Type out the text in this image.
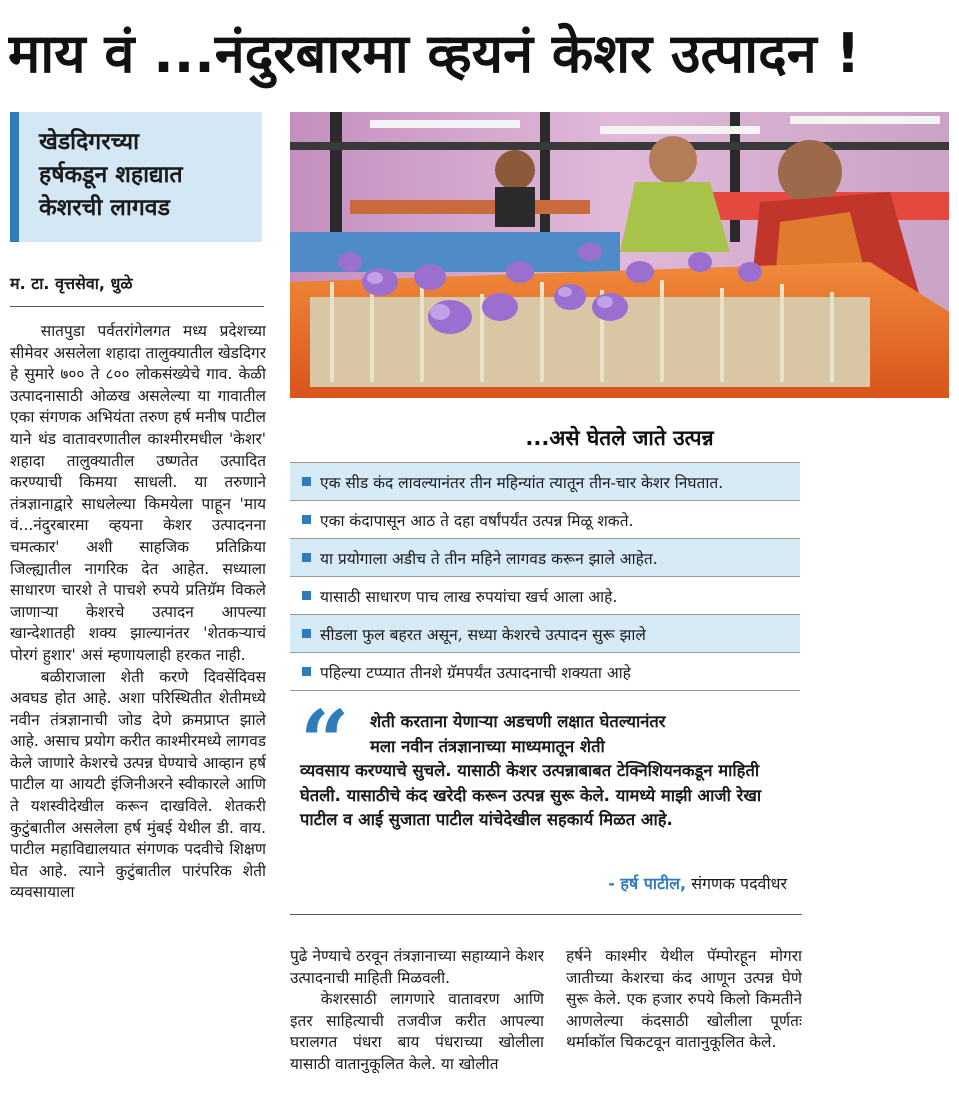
माय वं ...नंदुरबारमा व्हयनं केशर उत्पादन !

खेडदिगरच्या

हर्षकडून शहाद्यात

केशरची लागवड

म. टा. वृत्तसेवा, धुळे

सातपुडा पर्वतरांगेलगत मध्य प्रदेशच्या सीमेवर असलेला शहादा तालुक्यातील खेडदिगर हे सुमारे ७०० ते ८०० लोकसंख्येचे गाव. केळी उत्पादनासाठी ओळख असलेल्या या गावातील एका संगणक अभियंता तरुण हर्ष मनीष पाटील याने थंड वातावरणातील काश्मीरमधील 'केशर' शहादा तालुक्यातील उष्णतेत उत्पादित करण्याची किमया साधली. या तरुणाने तंत्रज्ञानाद्वारे साधलेल्या किमयेला पाहून 'माय वं...नंदुरबारमा व्हयना केशर उत्पादनना चमत्कार' अशी साहजिक प्रतिक्रिया जिल्ह्यातील नागरिक देत आहेत. सध्याला साधारण चारशे ते पाचशे रुपये प्रतिग्रॅम विकले जाणाऱ्या केशरचे उत्पादन आपल्या खान्देशातही शक्य झाल्यानंतर 'शेतकऱ्याचं पोरगं हुशार' असं म्हणायलाही हरकत नाही.

बळीराजाला शेती करणे दिवसेंदिवस अवघड होत आहे. अशा परिस्थितीत शेतीमध्ये नवीन तंत्रज्ञानाची जोड देणे क्रमप्राप्त झाले आहे. असाच प्रयोग करीत काश्मीरमध्ये लागवड केले जाणारे केशरचे उत्पन्न घेण्याचे आव्हान हर्ष पाटील या आयटी इंजिनीअरने स्वीकारले आणि ते यशस्वीदेखील करून दाखविले. शेतकरी कुटुंबातील असलेला हर्ष मुंबई येथील डी. वाय. पाटील महाविद्यालयात संगणक पदवीचे शिक्षण घेत आहे. त्याने कुटुंबातील पारंपरिक शेती व्यवसायाला

...असे घेतले जाते उत्पन्न
एक सीड कंद लावल्यानंतर तीन महिन्यांत त्यातून तीन-चार केशर निघतात.
एका कंदापासून आठ ते दहा वर्षांपर्यंत उत्पन्न मिळू शकते.
या प्रयोगाला अडीच ते तीन महिने लागवड करून झाले आहेत.
यासाठी साधारण पाच लाख रुपयांचा खर्च आला आहे.
सीडला फुल बहरत असून, सध्या केशरचे उत्पादन सुरू झाले
पहिल्या टप्प्यात तीनशे ग्रॅमपर्यंत उत्पादनाची शक्यता आहे
“	शेती करताना येणाऱ्या अडचणी लक्षात घेतल्यानंतर
मला नवीन तंत्रज्ञानाच्या माध्यमातून शेती
व्यवसाय करण्याचे सुचले. यासाठी केशर उत्पन्नाबाबत टेक्निशियनकडून माहिती घेतली. यासाठीचे कंद खरेदी करून उत्पन्न सुरू केले. यामध्ये माझी आजी रेखा पाटील व आई सुजाता पाटील यांचेदेखील सहकार्य मिळत आहे.
- हर्ष पाटील, संगणक पदवीधर

पुढे नेण्याचे ठरवून तंत्रज्ञानाच्या सहाय्याने केशर उत्पादनाची माहिती मिळवली.

केशरसाठी लागणारे वातावरण आणि इतर साहित्याची तजवीज करीत आपल्या घरालगत पंधरा बाय पंधराच्या खोलीला यासाठी वातानुकूलित केले. या खोलीत

हर्षने काश्मीर येथील पॅम्पोरहून मोगरा जातीच्या केशरचा कंद आणून उत्पन्न घेणे सुरू केले. एक हजार रुपये किलो किमतीने आणलेल्या कंदसाठी खोलीला पूर्णतः थर्माकॉल चिकटवून वातानुकूलित केले.
